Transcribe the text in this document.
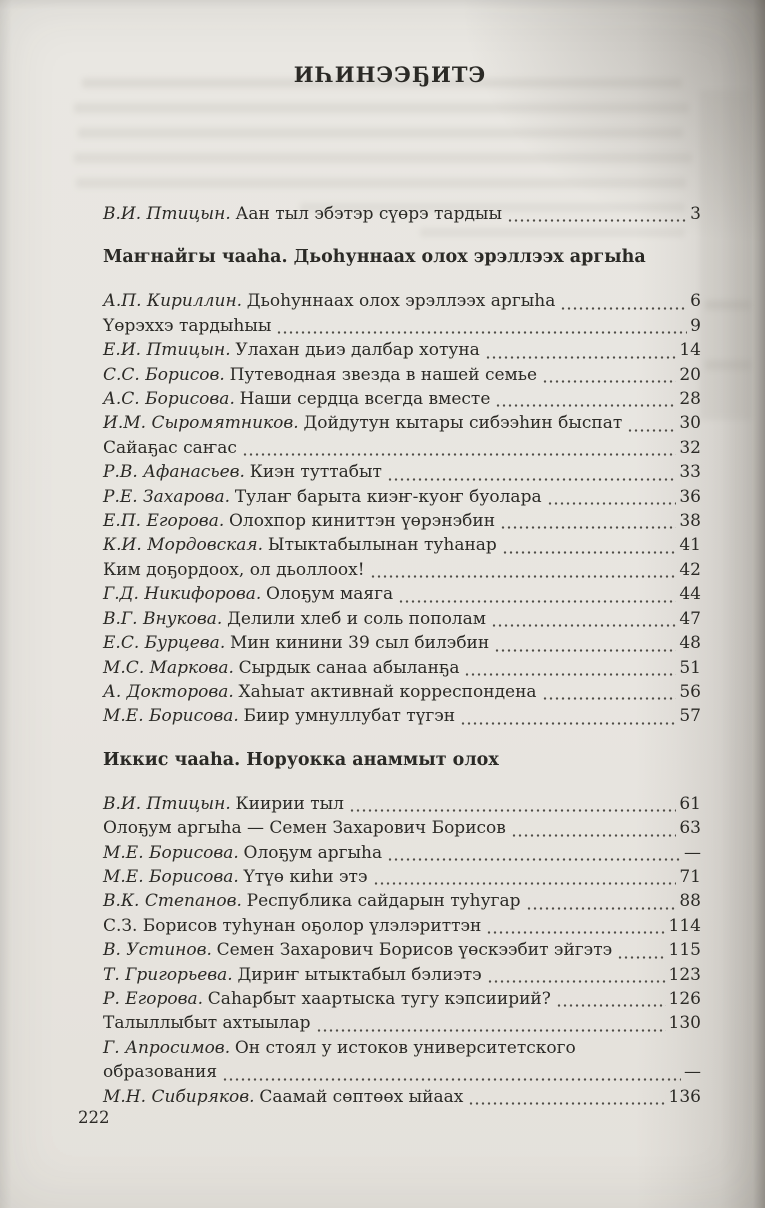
ИҺИНЭЭҔИТЭ
В.И. Птицын. Аан тыл эбэтэр сүөрэ тардыы	3
Маҥнайгы чааһа. Дьоһуннаах олох эрэллээх аргыһа
А.П. Кириллин. Дьоһуннаах олох эрэллээх аргыһа	6
Үөрэххэ тардыһыы	9
Е.И. Птицын. Улахан дьиэ далбар хотуна	14
С.С. Борисов. Путеводная звезда в нашей семье	20
А.С. Борисова. Наши сердца всегда вместе	28
И.М. Сыромятников. Дойдутун кытары сибээһин быспат	30
Сайаҕас саҥас	32
Р.В. Афанасьев. Киэн туттабыт	33
Р.Е. Захарова. Тулаҥ барыта киэҥ-куоҥ буолара	36
Е.П. Егорова. Олохпор киниттэн үөрэнэбин	38
К.И. Мордовская. Ытыктабылынан туһанар	41
Ким доҕордоох, ол дьоллоох!	42
Г.Д. Никифорова. Олоҕум маяга	44
В.Г. Внукова. Делили хлеб и соль пополам	47
Е.С. Бурцева. Мин кинини 39 сыл билэбин	48
М.С. Маркова. Сырдык санаа абыланҕа	51
А. Докторова. Хаһыат активнай корреспондена	56
М.Е. Борисова. Биир умнуллубат түгэн	57
Иккис чааһа. Норуокка анаммыт олох
В.И. Птицын. Киирии тыл	61
Олоҕум аргыһа — Семен Захарович Борисов	63
М.Е. Борисова. Олоҕум аргыһа	—
М.Е. Борисова. Үтүө киһи этэ	71
В.К. Степанов. Республика сайдарын туһугар	88
С.З. Борисов туһунан оҕолор үлэлэриттэн	114
В. Устинов. Семен Захарович Борисов үөскээбит эйгэтэ	115
Т. Григорьева. Дириҥ ытыктабыл бэлиэтэ	123
Р. Егорова. Саһарбыт хаартыска тугу кэпсиирий?	126
Талыллыбыт ахтыылар	130
Г. Апросимов. Он стоял у истоков университетского
образования	—
М.Н. Сибиряков. Саамай сөптөөх ыйаах	136
222
